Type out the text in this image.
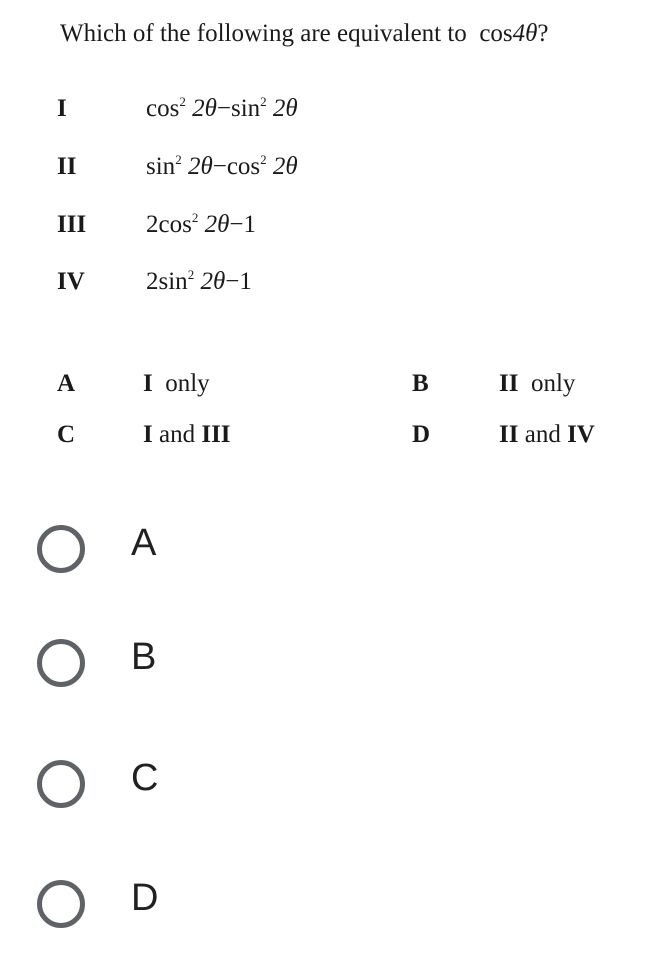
Which of the following are equivalent to cos4θ?
I	$\cos^2 2\theta-\sin^2$ 2θ
II	$\sin^2 2\theta-\cos^2$ 2θ
III $2\cos^2$ 2θ−1
IV $2\sin^2$ 2θ−1
A	I only	B	II only
C	I and III	D	II and IV
A
B
C
D
